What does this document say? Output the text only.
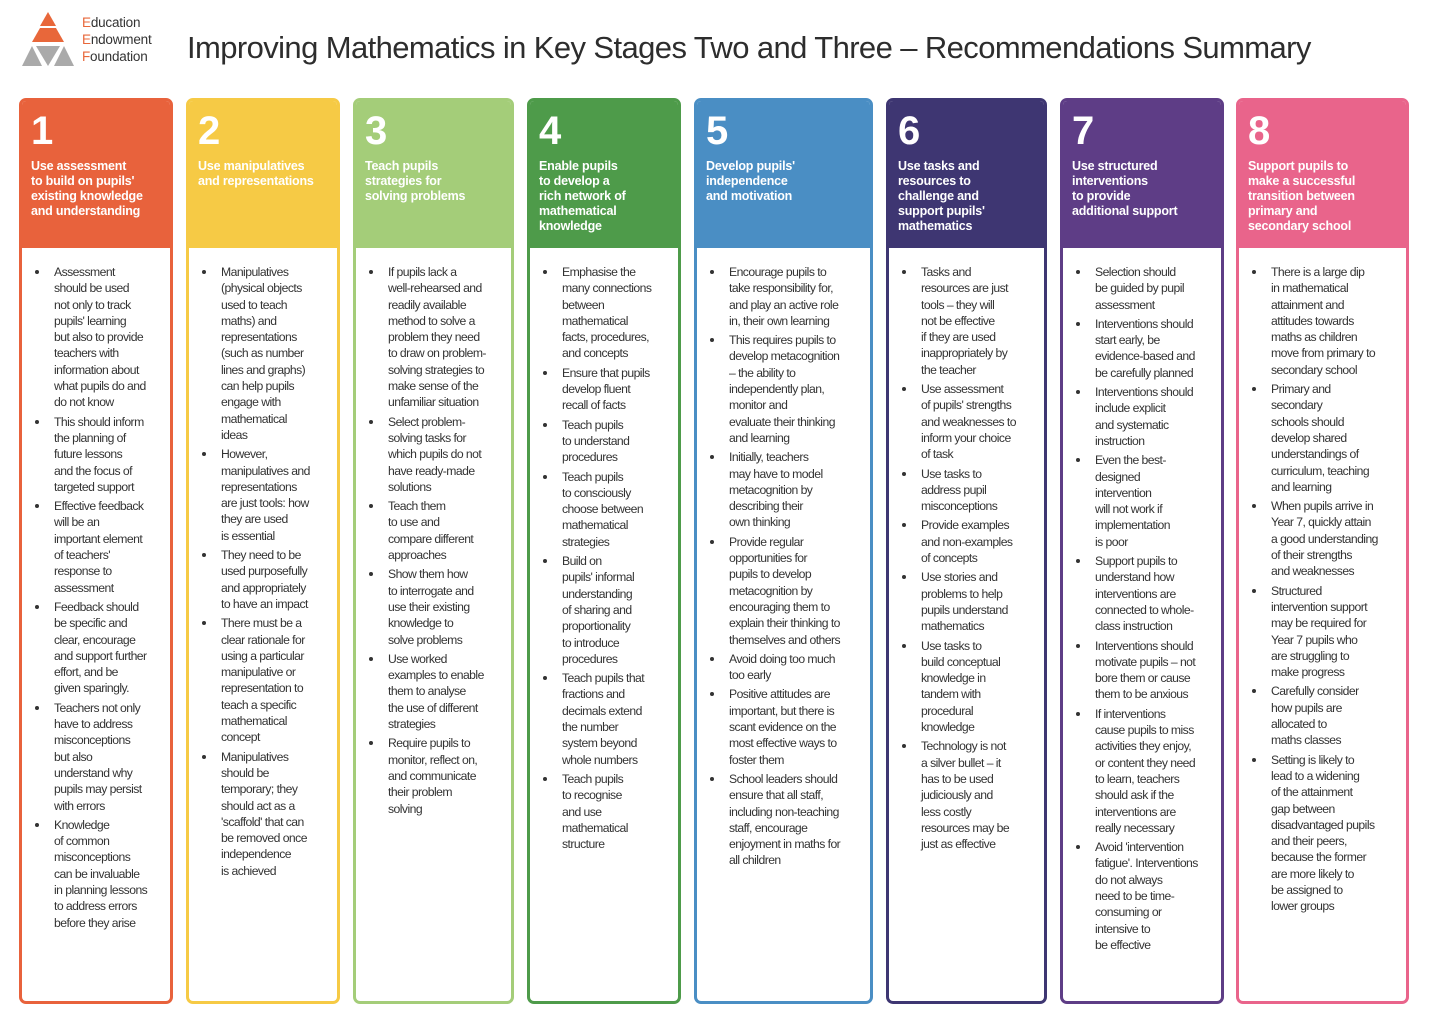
Education
Endowment
Foundation Improving Mathematics in Key Stages Two and Three – Recommendations Summary
1
Use assessment
to build on pupils'
existing knowledge
and understanding
Assessment
should be used
not only to track
pupils' learning
but also to provide
teachers with
information about
what pupils do and
do not know
This should inform
the planning of
future lessons
and the focus of
targeted support
Effective feedback
will be an
important element
of teachers'
response to
assessment
Feedback should
be specific and
clear, encourage
and support further
effort, and be
given sparingly.
Teachers not only
have to address
misconceptions
but also
understand why
pupils may persist
with errors
Knowledge
of common
misconceptions
can be invaluable
in planning lessons
to address errors
before they arise
2
Use manipulatives
and representations
Manipulatives
(physical objects
used to teach
maths) and
representations
(such as number
lines and graphs)
can help pupils
engage with
mathematical
ideas
However,
manipulatives and
representations
are just tools: how
they are used
is essential
They need to be
used purposefully
and appropriately
to have an impact
There must be a
clear rationale for
using a particular
manipulative or
representation to
teach a specific
mathematical
concept
Manipulatives
should be
temporary; they
should act as a
'scaffold' that can
be removed once
independence
is achieved
3
Teach pupils
strategies for
solving problems
If pupils lack a
well-rehearsed and
readily available
method to solve a
problem they need
to draw on problem-
solving strategies to
make sense of the
unfamiliar situation
Select problem-
solving tasks for
which pupils do not
have ready-made
solutions
Teach them
to use and
compare different
approaches
Show them how
to interrogate and
use their existing
knowledge to
solve problems
Use worked
examples to enable
them to analyse
the use of different
strategies
Require pupils to
monitor, reflect on,
and communicate
their problem
solving
4
Enable pupils
to develop a
rich network of
mathematical
knowledge
Emphasise the
many connections
between
mathematical
facts, procedures,
and concepts
Ensure that pupils
develop fluent
recall of facts
Teach pupils
to understand
procedures
Teach pupils
to consciously
choose between
mathematical
strategies
Build on
pupils' informal
understanding
of sharing and
proportionality
to introduce
procedures
Teach pupils that
fractions and
decimals extend
the number
system beyond
whole numbers
Teach pupils
to recognise
and use
mathematical
structure
5
Develop pupils'
independence
and motivation
Encourage pupils to
take responsibility for,
and play an active role
in, their own learning
This requires pupils to
develop metacognition
– the ability to
independently plan,
monitor and
evaluate their thinking
and learning
Initially, teachers
may have to model
metacognition by
describing their
own thinking
Provide regular
opportunities for
pupils to develop
metacognition by
encouraging them to
explain their thinking to
themselves and others
Avoid doing too much
too early
Positive attitudes are
important, but there is
scant evidence on the
most effective ways to
foster them
School leaders should
ensure that all staff,
including non-teaching
staff, encourage
enjoyment in maths for
all children
6
Use tasks and
resources to
challenge and
support pupils'
mathematics
Tasks and
resources are just
tools – they will
not be effective
if they are used
inappropriately by
the teacher
Use assessment
of pupils' strengths
and weaknesses to
inform your choice
of task
Use tasks to
address pupil
misconceptions
Provide examples
and non-examples
of concepts
Use stories and
problems to help
pupils understand
mathematics
Use tasks to
build conceptual
knowledge in
tandem with
procedural
knowledge
Technology is not
a silver bullet – it
has to be used
judiciously and
less costly
resources may be
just as effective
7
Use structured
interventions
to provide
additional support
Selection should
be guided by pupil
assessment
Interventions should
start early, be
evidence-based and
be carefully planned
Interventions should
include explicit
and systematic
instruction
Even the best-
designed
intervention
will not work if
implementation
is poor
Support pupils to
understand how
interventions are
connected to whole-
class instruction
Interventions should
motivate pupils – not
bore them or cause
them to be anxious
If interventions
cause pupils to miss
activities they enjoy,
or content they need
to learn, teachers
should ask if the
interventions are
really necessary
Avoid 'intervention
fatigue'. Interventions
do not always
need to be time-
consuming or
intensive to
be effective
8
Support pupils to
make a successful
transition between
primary and
secondary school
There is a large dip
in mathematical
attainment and
attitudes towards
maths as children
move from primary to
secondary school
Primary and
secondary
schools should
develop shared
understandings of
curriculum, teaching
and learning
When pupils arrive in
Year 7, quickly attain
a good understanding
of their strengths
and weaknesses
Structured
intervention support
may be required for
Year 7 pupils who
are struggling to
make progress
Carefully consider
how pupils are
allocated to
maths classes
Setting is likely to
lead to a widening
of the attainment
gap between
disadvantaged pupils
and their peers,
because the former
are more likely to
be assigned to
lower groups
